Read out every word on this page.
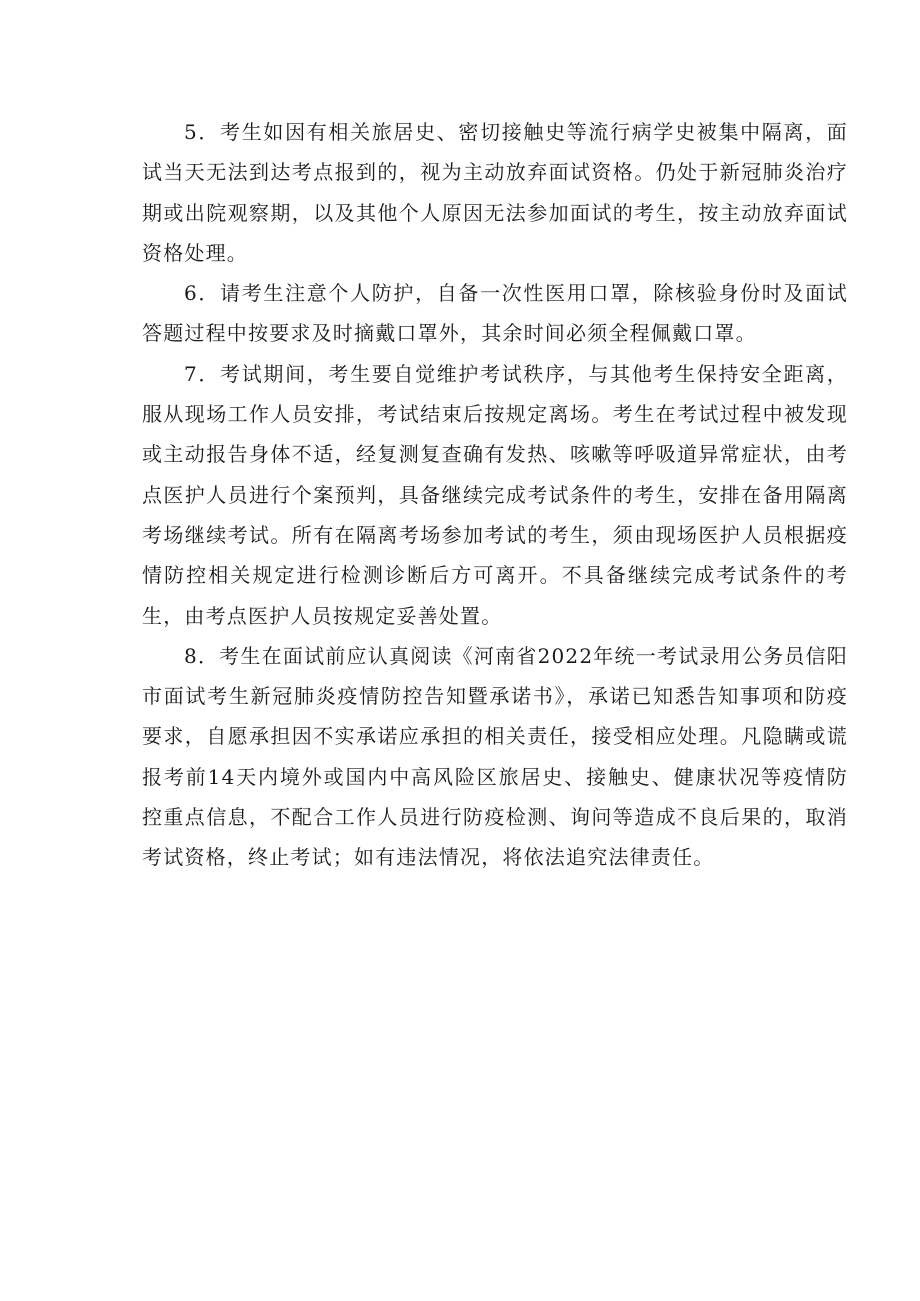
5．考生如因有相关旅居史、密切接触史等流行病学史被集中隔离，面试当天无法到达考点报到的，视为主动放弃面试资格。仍处于新冠肺炎治疗期或出院观察期，以及其他个人原因无法参加面试的考生，按主动放弃面试资格处理。

6．请考生注意个人防护，自备一次性医用口罩，除核验身份时及面试答题过程中按要求及时摘戴口罩外，其余时间必须全程佩戴口罩。

7．考试期间，考生要自觉维护考试秩序，与其他考生保持安全距离，服从现场工作人员安排，考试结束后按规定离场。考生在考试过程中被发现或主动报告身体不适，经复测复查确有发热、咳嗽等呼吸道异常症状，由考点医护人员进行个案预判，具备继续完成考试条件的考生，安排在备用隔离考场继续考试。所有在隔离考场参加考试的考生，须由现场医护人员根据疫情防控相关规定进行检测诊断后方可离开。不具备继续完成考试条件的考生，由考点医护人员按规定妥善处置。

8．考生在面试前应认真阅读《河南省2022年统一考试录用公务员信阳市面试考生新冠肺炎疫情防控告知暨承诺书》，承诺已知悉告知事项和防疫要求，自愿承担因不实承诺应承担的相关责任，接受相应处理。凡隐瞒或谎报考前14天内境外或国内中高风险区旅居史、接触史、健康状况等疫情防控重点信息，不配合工作人员进行防疫检测、询问等造成不良后果的，取消考试资格，终止考试；如有违法情况，将依法追究法律责任。
